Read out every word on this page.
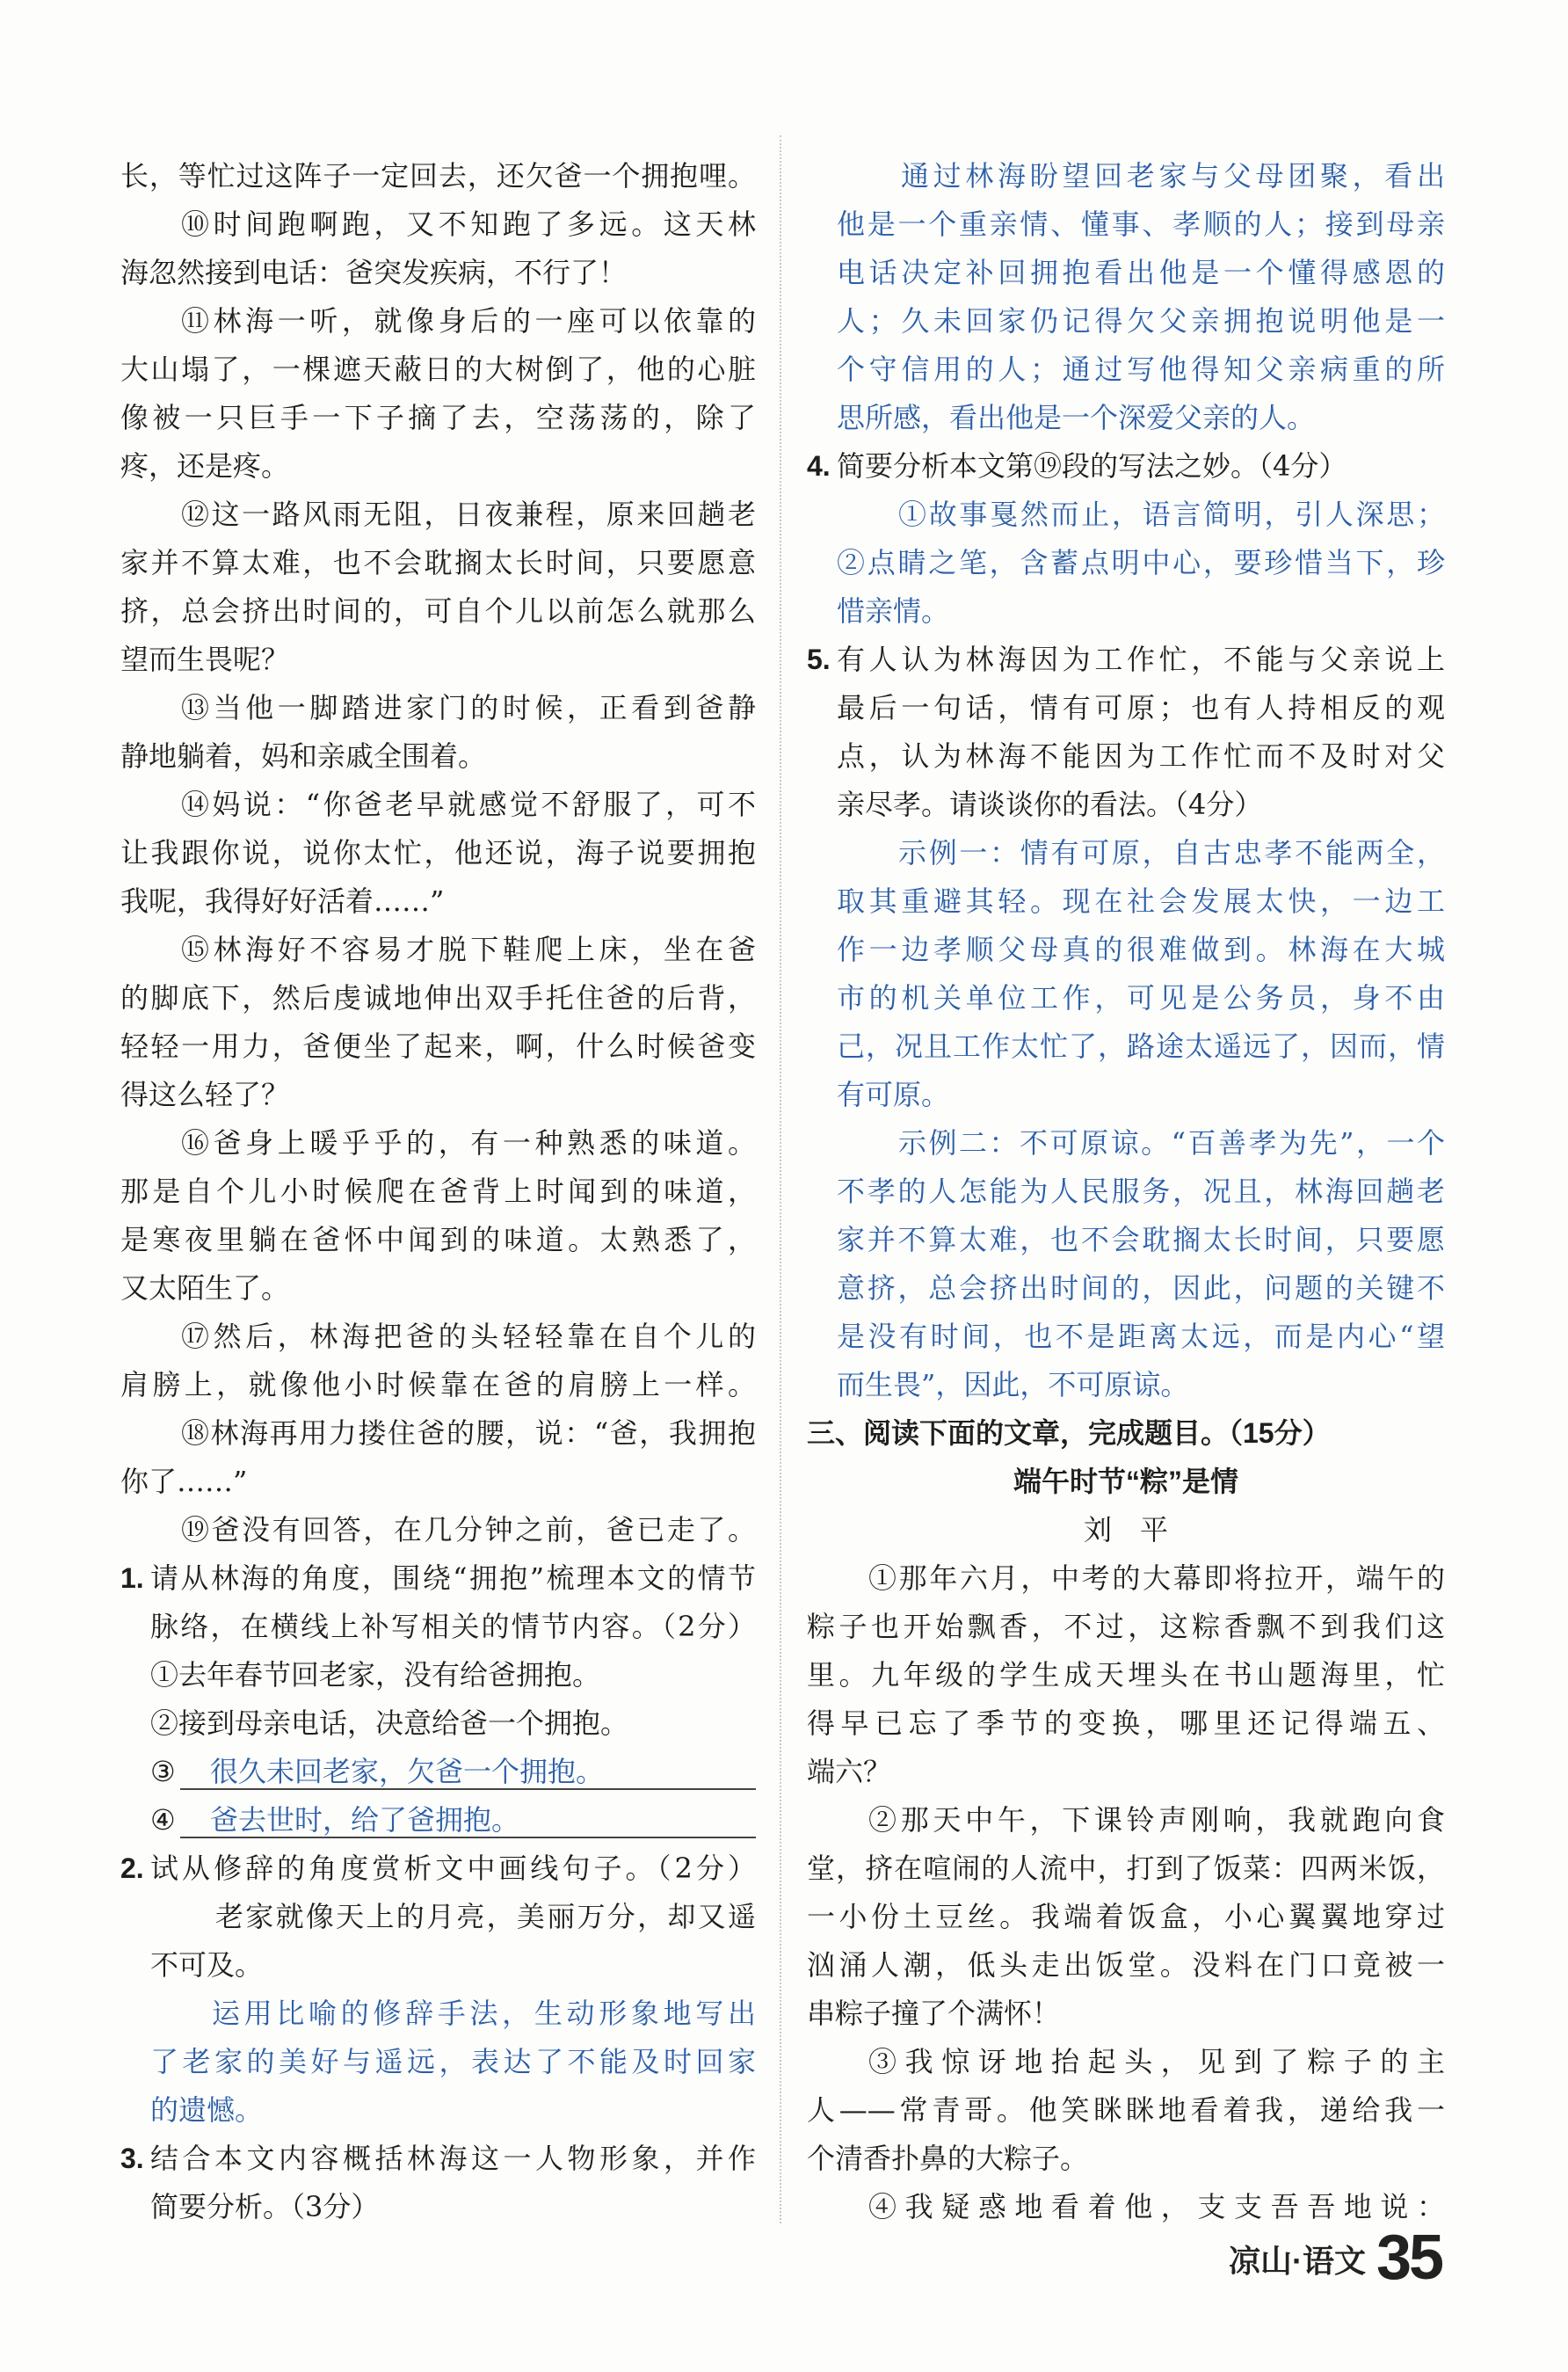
长，等忙过这阵子一定回去，还欠爸一个拥抱哩。
⑩时间跑啊跑，又不知跑了多远。这天林
海忽然接到电话：爸突发疾病，不行了！
⑪林海一听，就像身后的一座可以依靠的
大山塌了，一棵遮天蔽日的大树倒了，他的心脏
像被一只巨手一下子摘了去，空荡荡的，除了
疼，还是疼。
⑫这一路风雨无阻，日夜兼程，原来回趟老
家并不算太难，也不会耽搁太长时间，只要愿意
挤，总会挤出时间的，可自个儿以前怎么就那么
望而生畏呢？
⑬当他一脚踏进家门的时候，正看到爸静
静地躺着，妈和亲戚全围着。
⑭妈说：“你爸老早就感觉不舒服了，可不
让我跟你说，说你太忙，他还说，海子说要拥抱
我呢，我得好好活着……”
⑮林海好不容易才脱下鞋爬上床，坐在爸
的脚底下，然后虔诚地伸出双手托住爸的后背，
轻轻一用力，爸便坐了起来，啊，什么时候爸变
得这么轻了？
⑯爸身上暖乎乎的，有一种熟悉的味道。
那是自个儿小时候爬在爸背上时闻到的味道，
是寒夜里躺在爸怀中闻到的味道。太熟悉了，
又太陌生了。
⑰然后，林海把爸的头轻轻靠在自个儿的
肩膀上，就像他小时候靠在爸的肩膀上一样。
⑱林海再用力搂住爸的腰，说：“爸，我拥抱
你了……”
⑲爸没有回答，在几分钟之前，爸已走了。
1. 请从林海的角度，围绕“拥抱”梳理本文的情节
脉络，在横线上补写相关的情节内容。（2分）
①去年春节回老家，没有给爸拥抱。
②接到母亲电话，决意给爸一个拥抱。
③	很久未回老家，欠爸一个拥抱。
④	爸去世时，给了爸拥抱。
2. 试从修辞的角度赏析文中画线句子。（2分）
老家就像天上的月亮，美丽万分，却又遥
不可及。
运用比喻的修辞手法，生动形象地写出
了老家的美好与遥远，表达了不能及时回家
的遗憾。
3. 结合本文内容概括林海这一人物形象，并作
简要分析。（3分）
通过林海盼望回老家与父母团聚，看出
他是一个重亲情、懂事、孝顺的人；接到母亲
电话决定补回拥抱看出他是一个懂得感恩的
人；久未回家仍记得欠父亲拥抱说明他是一
个守信用的人；通过写他得知父亲病重的所
思所感，看出他是一个深爱父亲的人。
4. 简要分析本文第⑲段的写法之妙。（4分）
①故事戛然而止，语言简明，引人深思；
②点睛之笔，含蓄点明中心，要珍惜当下，珍
惜亲情。
5. 有人认为林海因为工作忙，不能与父亲说上
最后一句话，情有可原；也有人持相反的观
点，认为林海不能因为工作忙而不及时对父
亲尽孝。请谈谈你的看法。（4分）
示例一：情有可原，自古忠孝不能两全，
取其重避其轻。现在社会发展太快，一边工
作一边孝顺父母真的很难做到。林海在大城
市的机关单位工作，可见是公务员，身不由
己，况且工作太忙了，路途太遥远了，因而，情
有可原。
示例二：不可原谅。“百善孝为先”，一个
不孝的人怎能为人民服务，况且，林海回趟老
家并不算太难，也不会耽搁太长时间，只要愿
意挤，总会挤出时间的，因此，问题的关键不
是没有时间，也不是距离太远，而是内心“望
而生畏”，因此，不可原谅。
三、阅读下面的文章，完成题目。（15分）
端午时节“粽”是情
刘　平
①那年六月，中考的大幕即将拉开，端午的
粽子也开始飘香，不过，这粽香飘不到我们这
里。九年级的学生成天埋头在书山题海里，忙
得早已忘了季节的变换，哪里还记得端五、
端六？
②那天中午，下课铃声刚响，我就跑向食
堂，挤在喧闹的人流中，打到了饭菜：四两米饭，
一小份土豆丝。我端着饭盒，小心翼翼地穿过
汹涌人潮，低头走出饭堂。没料在门口竟被一
串粽子撞了个满怀！
③我惊讶地抬起头，见到了粽子的主
人——常青哥。他笑眯眯地看着我，递给我一
个清香扑鼻的大粽子。
④我疑惑地看着他，支支吾吾地说：
凉山·语文 35
